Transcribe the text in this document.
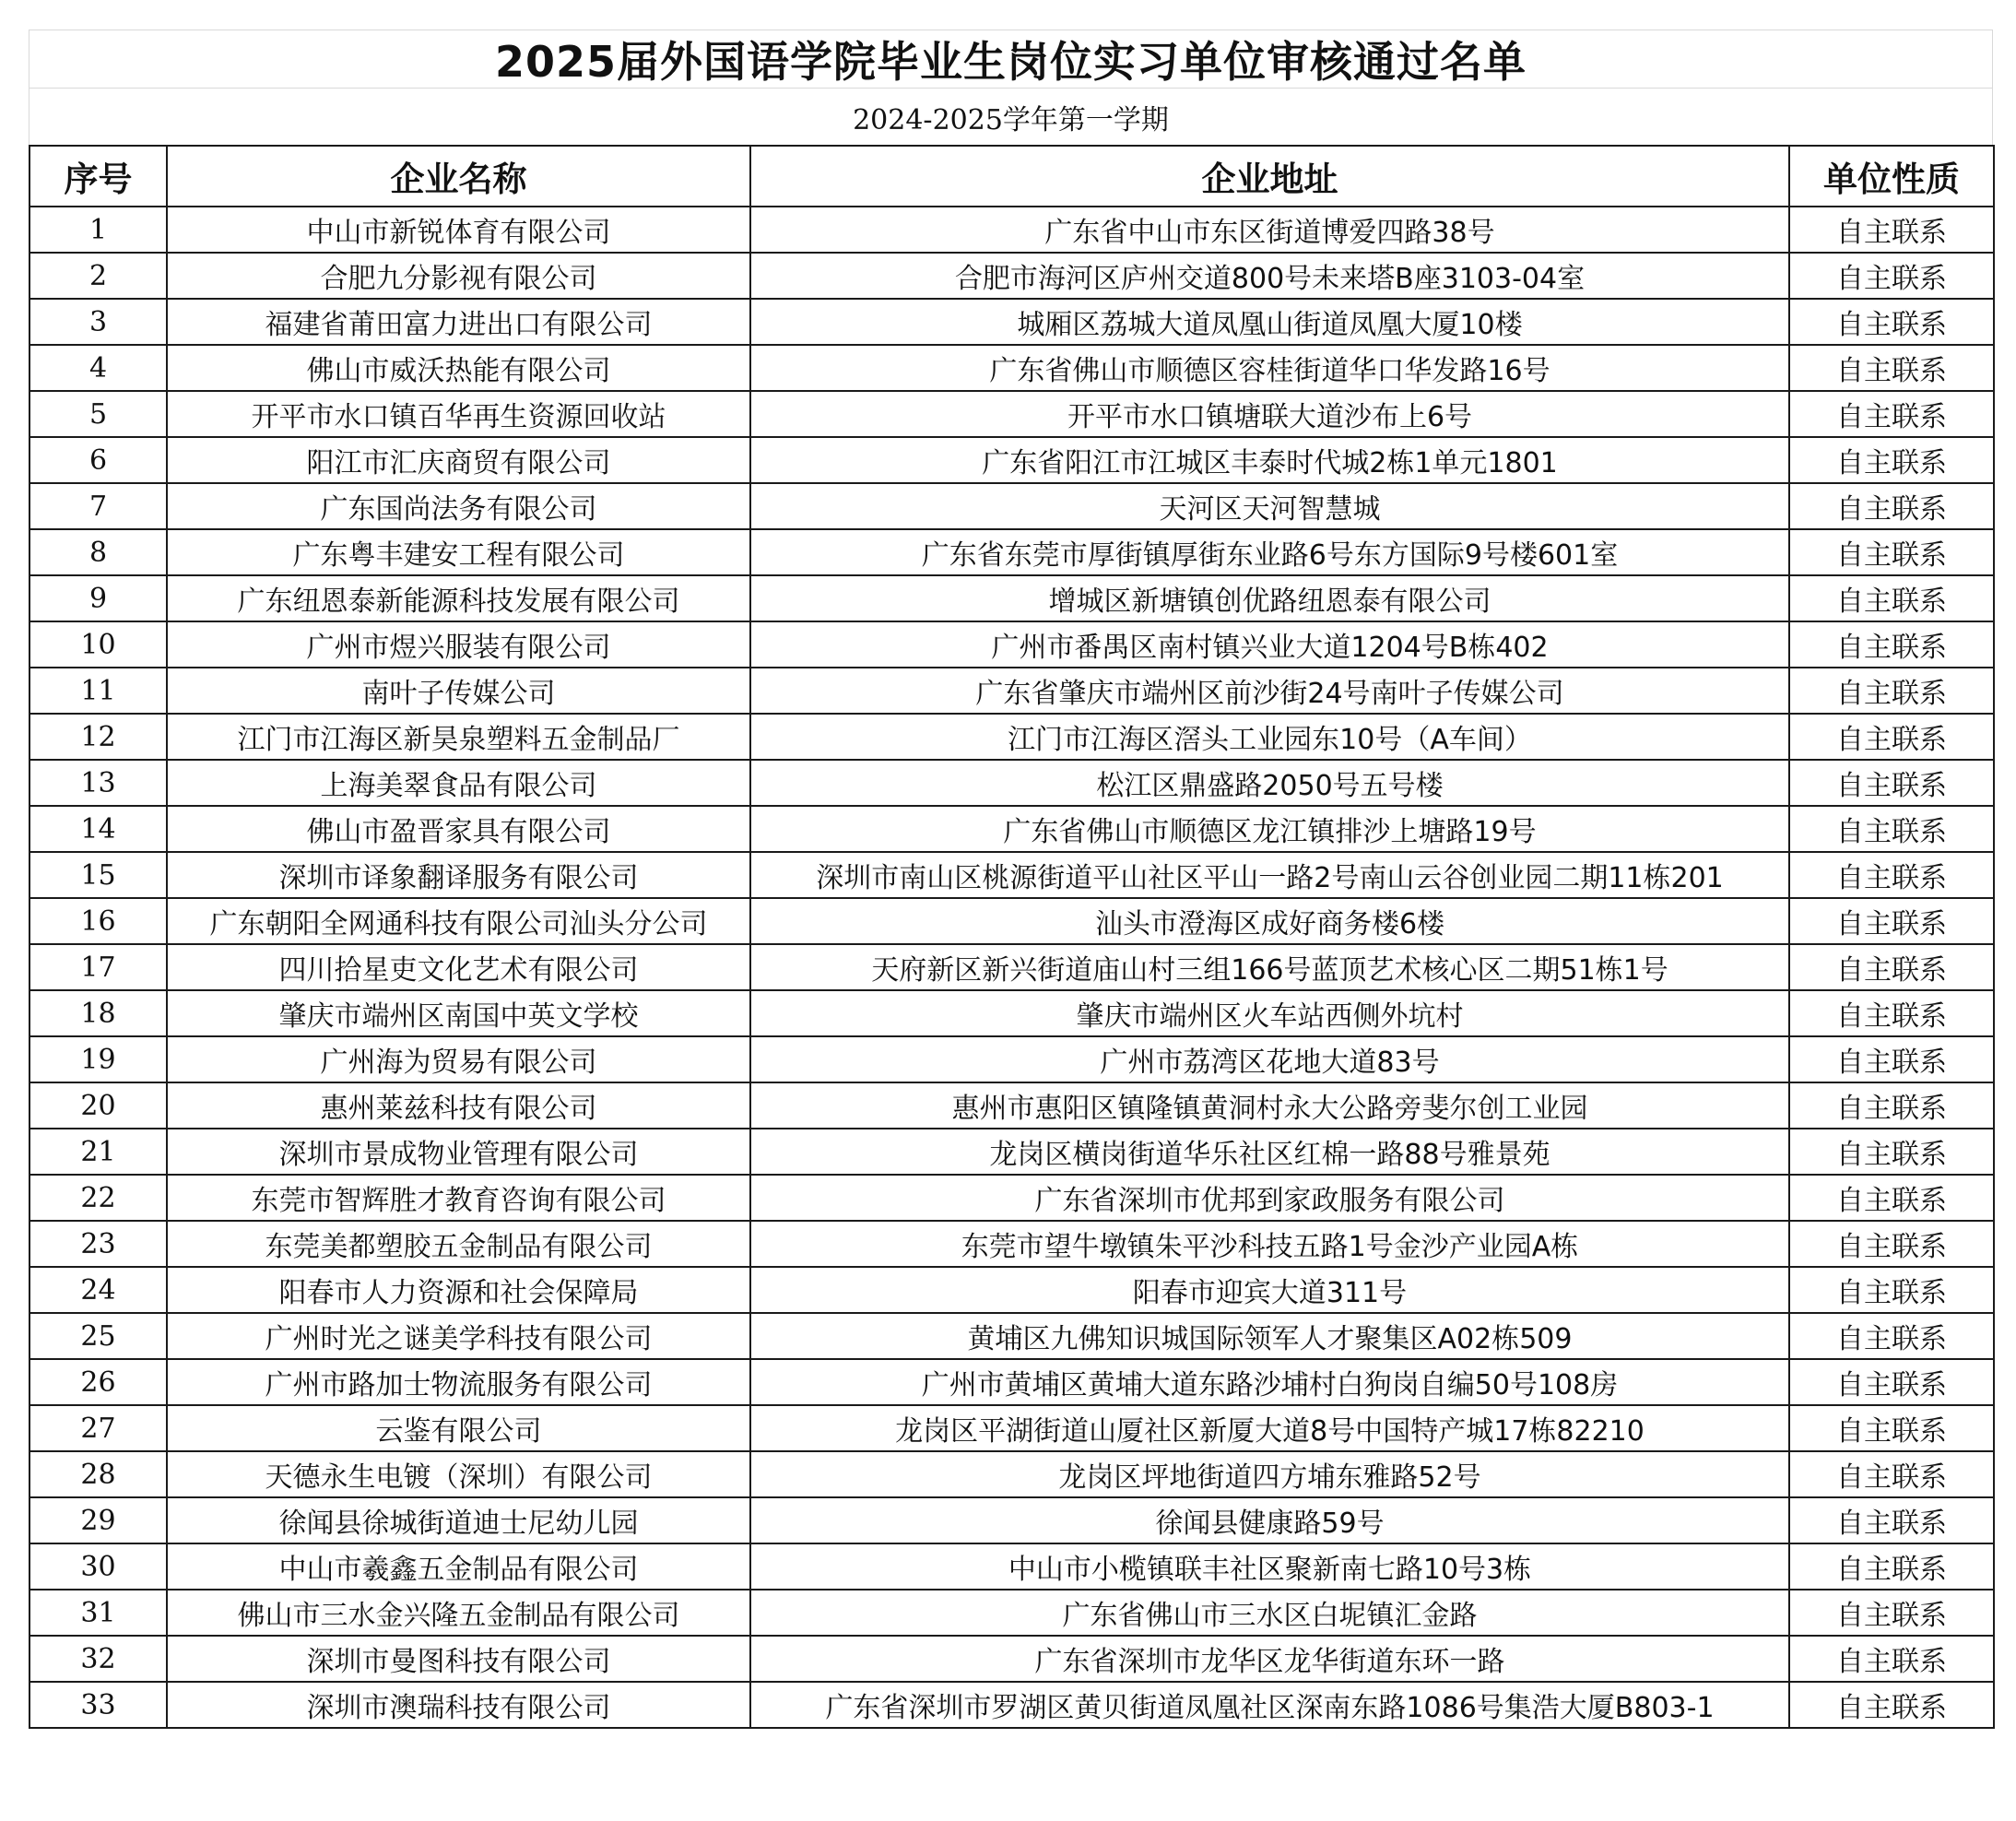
2025届外国语学院毕业生岗位实习单位审核通过名单
2024-2025学年第一学期
序号	企业名称	企业地址	单位性质
1	中山市新锐体育有限公司	广东省中山市东区街道博爱四路38号	自主联系
2	合肥九分影视有限公司	合肥市海河区庐州交道800号未来塔B座3103-04室	自主联系
3	福建省莆田富力进出口有限公司	城厢区荔城大道凤凰山街道凤凰大厦10楼	自主联系
4	佛山市威沃热能有限公司	广东省佛山市顺德区容桂街道华口华发路16号	自主联系
5	开平市水口镇百华再生资源回收站	开平市水口镇塘联大道沙布上6号	自主联系
6	阳江市汇庆商贸有限公司	广东省阳江市江城区丰泰时代城2栋1单元1801	自主联系
7	广东国尚法务有限公司	天河区天河智慧城	自主联系
8	广东粤丰建安工程有限公司	广东省东莞市厚街镇厚街东业路6号东方国际9号楼601室	自主联系
9	广东纽恩泰新能源科技发展有限公司	增城区新塘镇创优路纽恩泰有限公司	自主联系
10	广州市煜兴服装有限公司	广州市番禺区南村镇兴业大道1204号B栋402	自主联系
11	南叶子传媒公司	广东省肇庆市端州区前沙街24号南叶子传媒公司	自主联系
12	江门市江海区新昊泉塑料五金制品厂	江门市江海区滘头工业园东10号（A车间）	自主联系
13	上海美翠食品有限公司	松江区鼎盛路2050号五号楼	自主联系
14	佛山市盈晋家具有限公司	广东省佛山市顺德区龙江镇排沙上塘路19号	自主联系
15	深圳市译象翻译服务有限公司	深圳市南山区桃源街道平山社区平山一路2号南山云谷创业园二期11栋201	自主联系
16	广东朝阳全网通科技有限公司汕头分公司	汕头市澄海区成好商务楼6楼	自主联系
17	四川拾星吏文化艺术有限公司	天府新区新兴街道庙山村三组166号蓝顶艺术核心区二期51栋1号	自主联系
18	肇庆市端州区南国中英文学校	肇庆市端州区火车站西侧外坑村	自主联系
19	广州海为贸易有限公司	广州市荔湾区花地大道83号	自主联系
20	惠州莱兹科技有限公司	惠州市惠阳区镇隆镇黄洞村永大公路旁斐尔创工业园	自主联系
21	深圳市景成物业管理有限公司	龙岗区横岗街道华乐社区红棉一路88号雅景苑	自主联系
22	东莞市智辉胜才教育咨询有限公司	广东省深圳市优邦到家政服务有限公司	自主联系
23	东莞美都塑胶五金制品有限公司	东莞市望牛墩镇朱平沙科技五路1号金沙产业园A栋	自主联系
24	阳春市人力资源和社会保障局	阳春市迎宾大道311号	自主联系
25	广州时光之谜美学科技有限公司	黄埔区九佛知识城国际领军人才聚集区A02栋509	自主联系
26	广州市路加士物流服务有限公司	广州市黄埔区黄埔大道东路沙埔村白狗岗自编50号108房	自主联系
27	云鉴有限公司	龙岗区平湖街道山厦社区新厦大道8号中国特产城17栋82210	自主联系
28	天德永生电镀（深圳）有限公司	龙岗区坪地街道四方埔东雅路52号	自主联系
29	徐闻县徐城街道迪士尼幼儿园	徐闻县健康路59号	自主联系
30	中山市羲鑫五金制品有限公司	中山市小榄镇联丰社区聚新南七路10号3栋	自主联系
31	佛山市三水金兴隆五金制品有限公司	广东省佛山市三水区白坭镇汇金路	自主联系
32	深圳市曼图科技有限公司	广东省深圳市龙华区龙华街道东环一路	自主联系
33	深圳市澳瑞科技有限公司	广东省深圳市罗湖区黄贝街道凤凰社区深南东路1086号集浩大厦B803-1	自主联系
